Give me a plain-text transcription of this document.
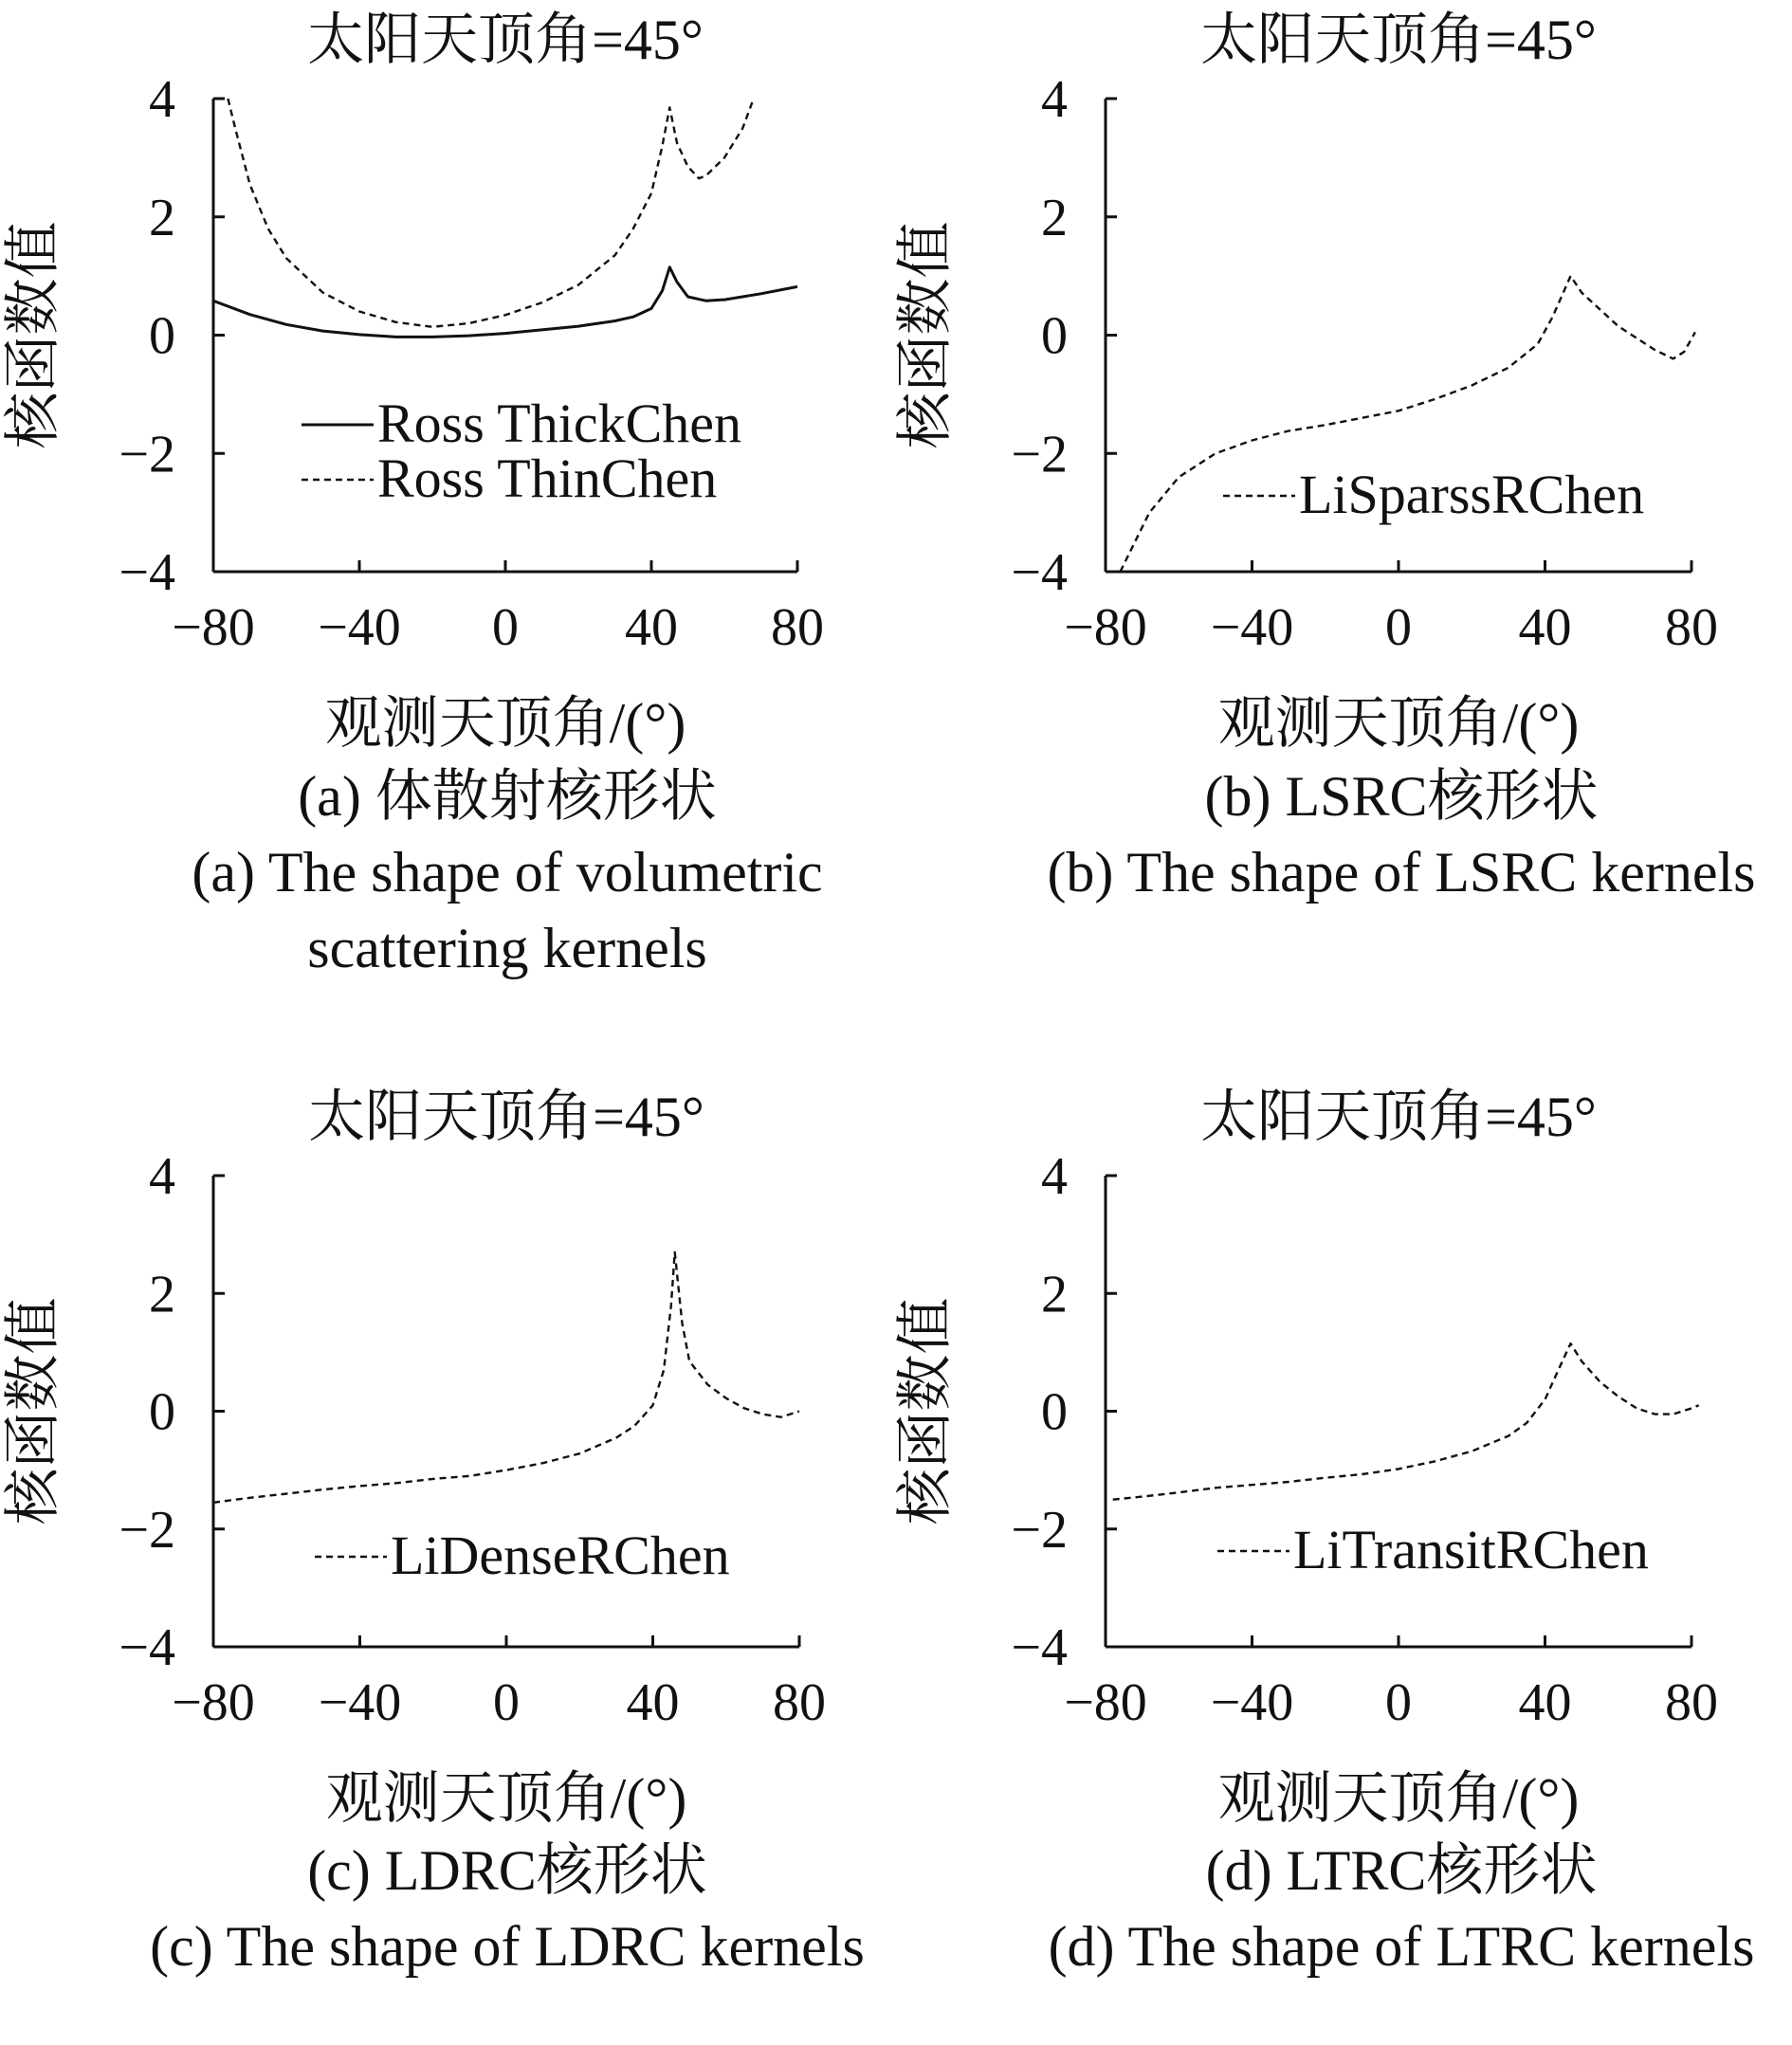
太阳天顶角=45°
4
2
0
−2
−4
−80 −40 0 40 80
观测天顶角/(°)
核函数值	Ross ThickChen
Ross ThinChen
(a) 体散射核形状
(a) The shape of volumetric
scattering kernels
太阳天顶角=45°
4
2
0
−2
−4
−80 −40 0 40 80
观测天顶角/(°)
核函数值
LiSparssRChen
(b) LSRC核形状
(b) The shape of LSRC kernels
太阳天顶角=45°
4
2
0
−2
−4
−80 −40 0 40 80
观测天顶角/(°)
核函数值
LiDenseRChen
(c) LDRC核形状
(c) The shape of LDRC kernels
太阳天顶角=45°
4
2
0
−2
−4
−80 −40 0 40 80
观测天顶角/(°)
核函数值
LiTransitRChen
(d) LTRC核形状
(d) The shape of LTRC kernels
